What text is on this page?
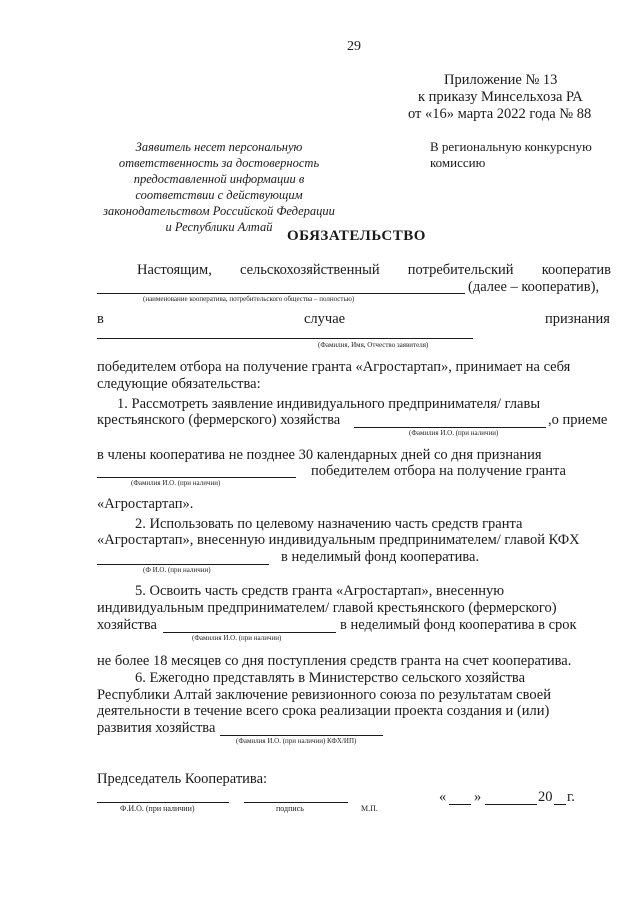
29
Приложение № 13
к приказу Минсельхоза РА
от «16» марта 2022 года № 88
Заявитель несет персональную
ответственность за достоверность
предоставленной информации в
соответствии с действующим
законодательством Российской Федерации
и Республики Алтай
В региональную конкурсную
комиссию
ОБЯЗАТЕЛЬСТВО
Настоящим, сельскохозяйственный потребительский кооператив
(далее – кооператив),
(наименование кооператива, потребительского общества – полностью)
в	случае	признания
(Фамилия, Имя, Отчество заявителя)
победителем отбора на получение гранта «Агростартап», принимает на себя
следующие обязательства:
1. Рассмотреть заявление индивидуального предпринимателя/ главы
крестьянского (фермерского) хозяйства	,о приеме
(Фамилия И.О. (при наличии)
в члены кооператива не позднее 30 календарных дней со дня признания
победителем отбора на получение гранта
(Фамилия И.О. (при наличии)
«Агростартап».
2. Использовать по целевому назначению часть средств гранта
«Агростартап», внесенную индивидуальным предпринимателем/ главой КФХ
в неделимый фонд кооператива.
(Ф И.О. (при наличии)
5. Освоить часть средств гранта «Агростартап», внесенную
индивидуальным предпринимателем/ главой крестьянского (фермерского)
хозяйства	в неделимый фонд кооператива в срок
(Фамилия И.О. (при наличии)
не более 18 месяцев со дня поступления средств гранта на счет кооператива.
6. Ежегодно представлять в Министерство сельского хозяйства
Республики Алтай заключение ревизионного союза по результатам своей
деятельности в течение всего срока реализации проекта создания и (или)
развития хозяйства
(Фамилия И.О. (при наличии) КФХ/ИП)
Председатель Кооператива:
Ф.И.О. (при наличии)	подпись	М.П.
« »	20 г.
